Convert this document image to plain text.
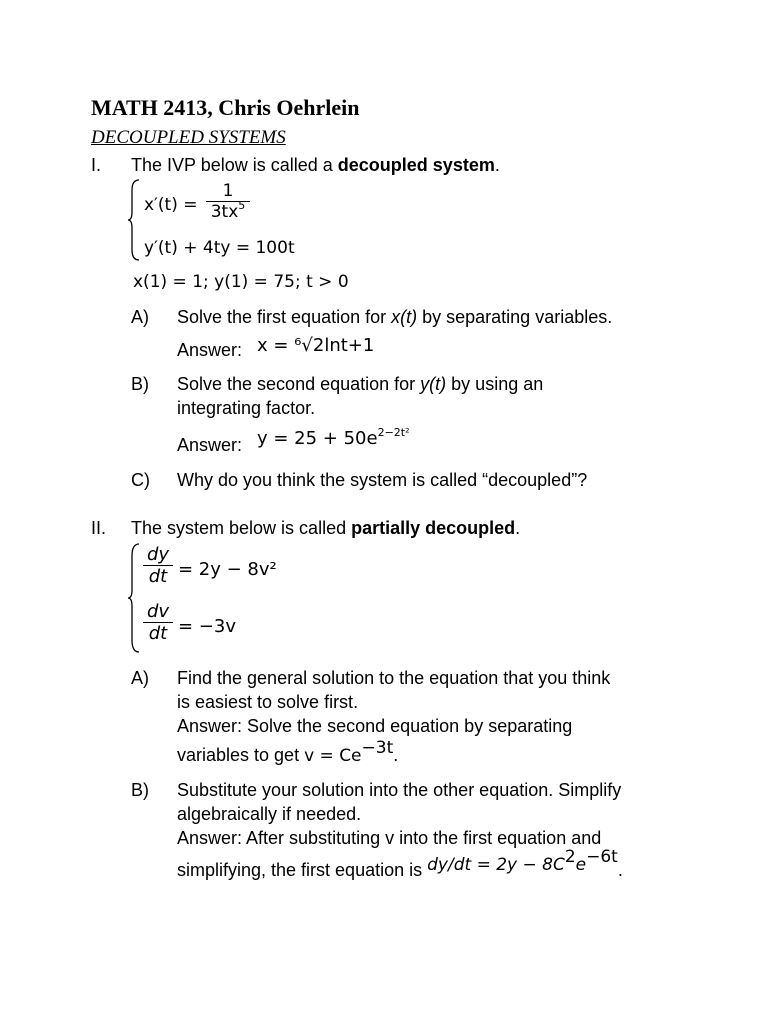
MATH 2413, Chris Oehrlein
DECOUPLED SYSTEMS
I. The IVP below is called a decoupled system.
$x'(t) = \frac{1}{3tx^5}$
y′(t) + 4ty = 100t
x(1) = 1; y(1) = 75; t > 0
A) Solve the first equation for x(t) by separating variables.
Answer: x = ⁶√2lnt+1
B) Solve the second equation for y(t) by using an
integrating factor.
Answer: $y = 25 + 50e^{2-2t^2}$
C) Why do you think the system is called “decoupled”?
II. The system below is called partially decoupled.
$\frac{dy}{dt} = 2y - 8v^2$
$\frac{dv}{dt} = -3v$
A) Find the general solution to the equation that you think
is easiest to solve first.
Answer: Solve the second equation by separating
variables to get $v = Ce^{-3t}$.
B) Substitute your solution into the other equation. Simplify
algebraically if needed.
Answer: After substituting v into the first equation and
simplifying, the first equation is $dy/dt = 2y - 8C^2e^{-6t}$.
